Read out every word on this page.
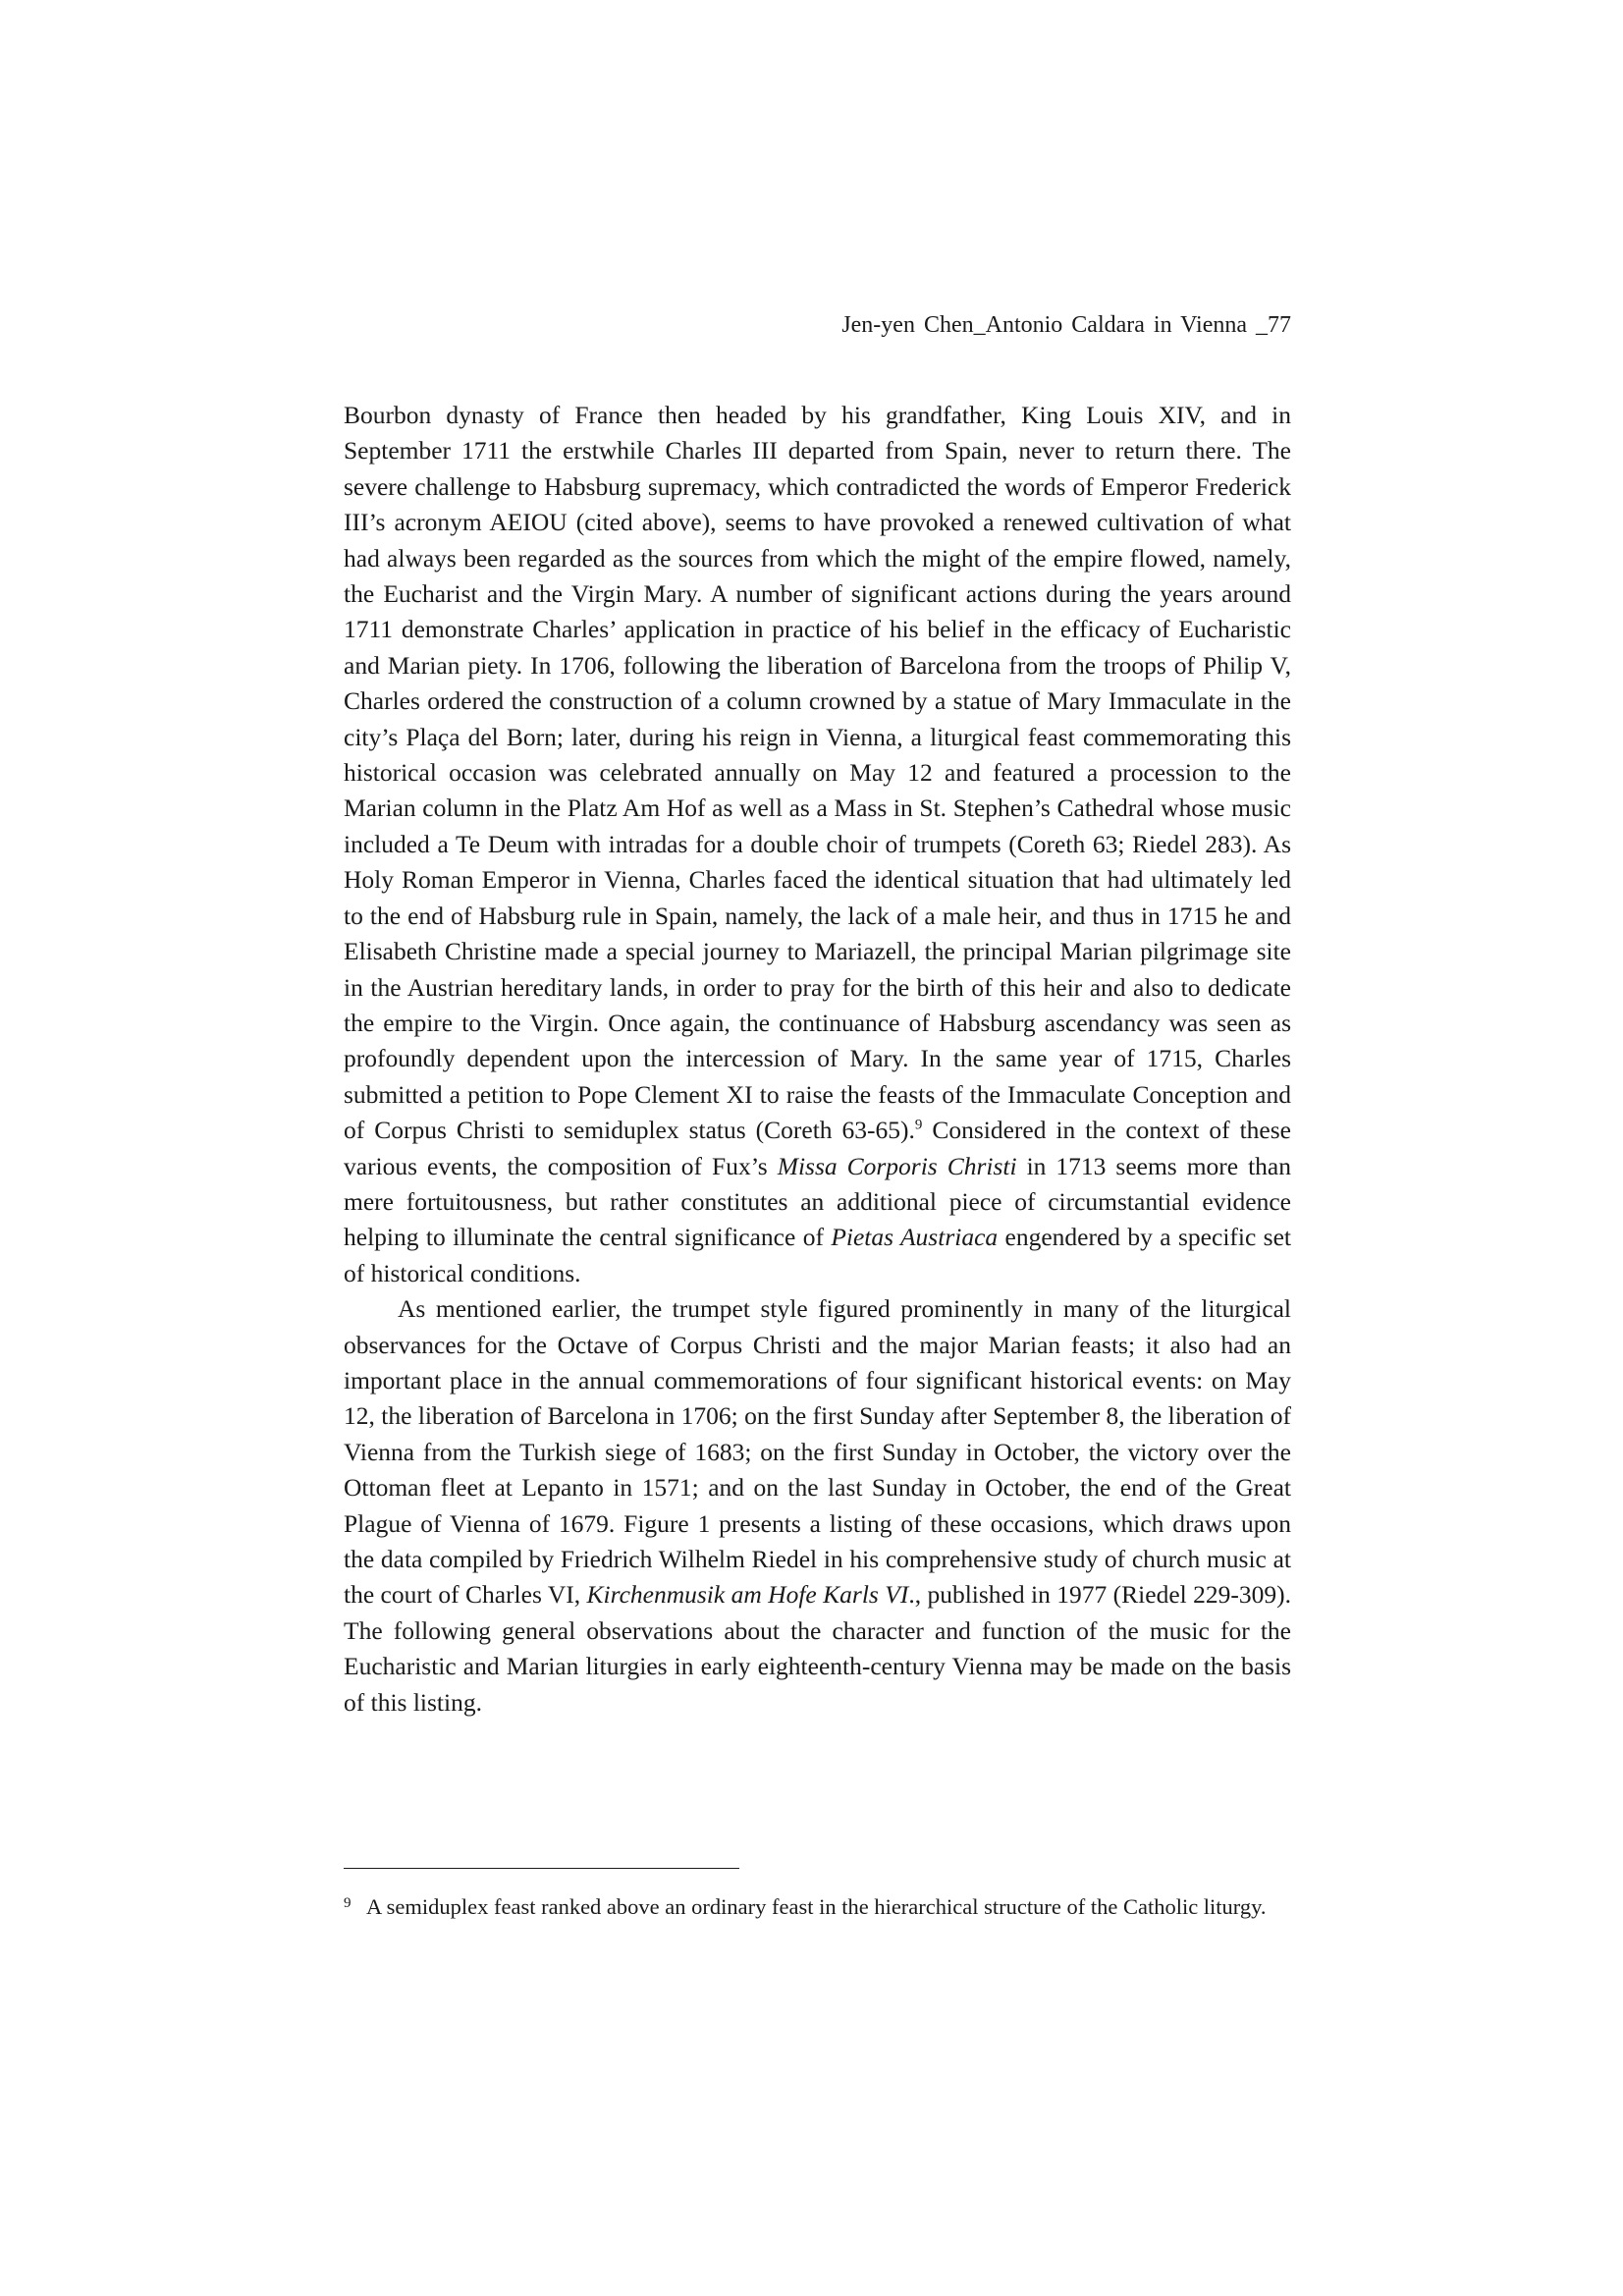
Jen-yen Chen_Antonio Caldara in Vienna _77

Bourbon dynasty of France then headed by his grandfather, King Louis XIV, and in September 1711 the erstwhile Charles III departed from Spain, never to return there. The severe challenge to Habsburg supremacy, which contradicted the words of Emperor Frederick III’s acronym AEIOU (cited above), seems to have provoked a renewed cultivation of what had always been regarded as the sources from which the might of the empire flowed, namely, the Eucharist and the Virgin Mary. A number of significant actions during the years around 1711 demonstrate Charles’ application in practice of his belief in the efficacy of Eucharistic and Marian piety. In 1706, following the liberation of Barcelona from the troops of Philip V, Charles ordered the construction of a column crowned by a statue of Mary Immaculate in the city’s Plaça del Born; later, during his reign in Vienna, a liturgical feast commemorating this historical occasion was celebrated annually on May 12 and featured a procession to the Marian column in the Platz Am Hof as well as a Mass in St. Stephen’s Cathedral whose music included a Te Deum with intradas for a double choir of trumpets (Coreth 63; Riedel 283). As Holy Roman Emperor in Vienna, Charles faced the identical situation that had ultimately led to the end of Habsburg rule in Spain, namely, the lack of a male heir, and thus in 1715 he and Elisabeth Christine made a special journey to Mariazell, the principal Marian pilgrimage site in the Austrian hereditary lands, in order to pray for the birth of this heir and also to dedicate the empire to the Virgin. Once again, the continuance of Habsburg ascendancy was seen as profoundly dependent upon the intercession of Mary. In the same year of 1715, Charles submitted a petition to Pope Clement XI to raise the feasts of the Immaculate Conception and of Corpus Christi to semiduplex status (Coreth 63-65).$^9$ Considered in the context of these various events, the composition of Fux’s Missa Corporis Christi in 1713 seems more than mere fortuitousness, but rather constitutes an additional piece of circumstantial evidence helping to illuminate the central significance of Pietas Austriaca engendered by a specific set of historical conditions.

As mentioned earlier, the trumpet style figured prominently in many of the liturgical observances for the Octave of Corpus Christi and the major Marian feasts; it also had an important place in the annual commemorations of four significant historical events: on May 12, the liberation of Barcelona in 1706; on the first Sunday after September 8, the liberation of Vienna from the Turkish siege of 1683; on the first Sunday in October, the victory over the Ottoman fleet at Lepanto in 1571; and on the last Sunday in October, the end of the Great Plague of Vienna of 1679. Figure 1 presents a listing of these occasions, which draws upon the data compiled by Friedrich Wilhelm Riedel in his comprehensive study of church music at the court of Charles VI, Kirchenmusik am Hofe Karls VI., published in 1977 (Riedel 229-309). The following general observations about the character and function of the music for the Eucharistic and Marian liturgies in early eighteenth-century Vienna may be made on the basis of this listing.

9 A semiduplex feast ranked above an ordinary feast in the hierarchical structure of the Catholic liturgy.
